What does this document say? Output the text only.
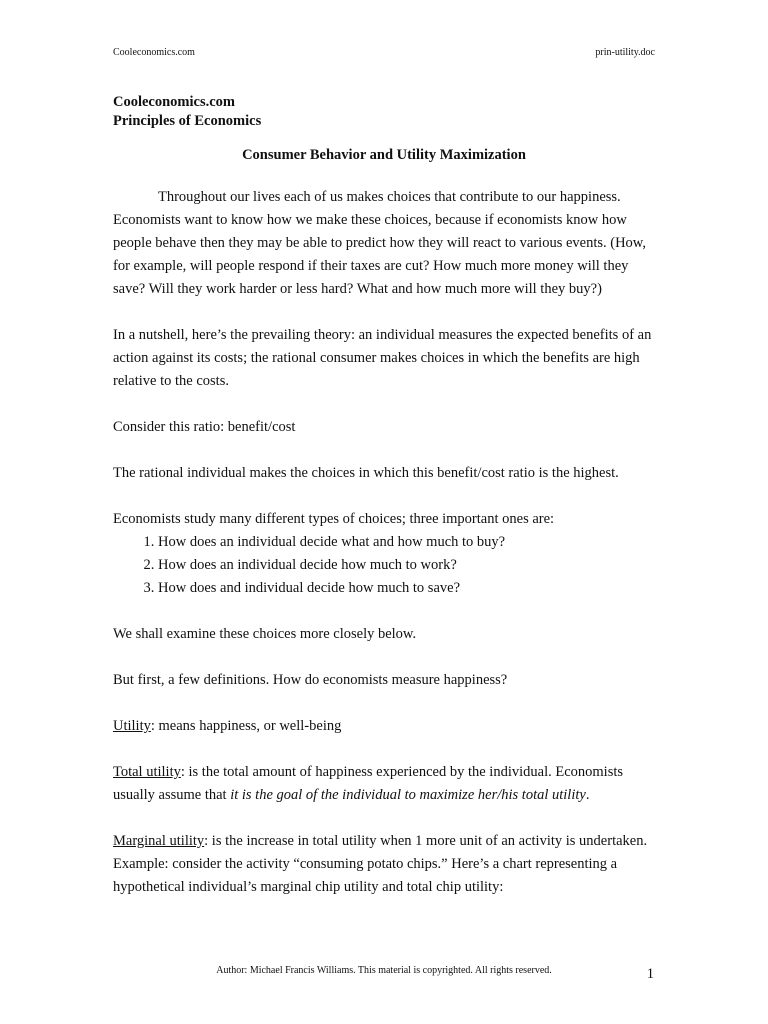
Cooleconomics.com	prin-utility.doc
Cooleconomics.com
Principles of Economics
Consumer Behavior and Utility Maximization

Throughout our lives each of us makes choices that contribute to our happiness. Economists want to know how we make these choices, because if economists know how people behave then they may be able to predict how they will react to various events. (How, for example, will people respond if their taxes are cut? How much more money will they save? Will they work harder or less hard? What and how much more will they buy?)

In a nutshell, here’s the prevailing theory: an individual measures the expected benefits of an action against its costs; the rational consumer makes choices in which the benefits are high relative to the costs.

Consider this ratio: benefit/cost

The rational individual makes the choices in which this benefit/cost ratio is the highest.

Economists study many different types of choices; three important ones are:

1. How does an individual decide what and how much to buy?
2. How does an individual decide how much to work?
3. How does and individual decide how much to save?

We shall examine these choices more closely below.

But first, a few definitions. How do economists measure happiness?

Utility: means happiness, or well-being

Total utility: is the total amount of happiness experienced by the individual. Economists usually assume that it is the goal of the individual to maximize her/his total utility.

Marginal utility: is the increase in total utility when 1 more unit of an activity is undertaken. Example: consider the activity “consuming potato chips.” Here’s a chart representing a hypothetical individual’s marginal chip utility and total chip utility:

Author: Michael Francis Williams. This material is copyrighted. All rights reserved.	1
